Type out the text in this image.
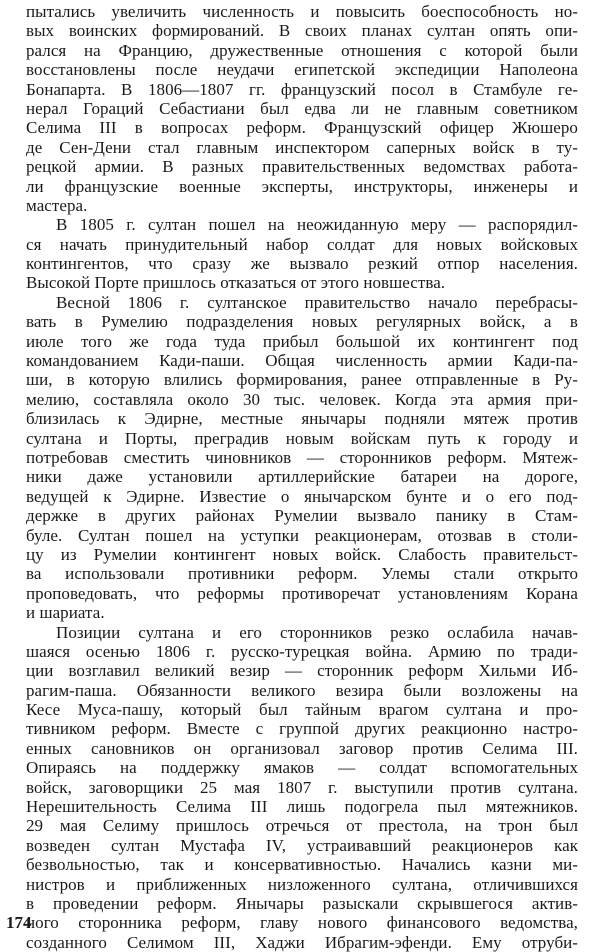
пытались увеличить численность и повысить боеспособность но-
вых воинских формирований. В своих планах султан опять опи-
рался на Францию, дружественные отношения с которой были
восстановлены после неудачи египетской экспедиции Наполеона
Бонапарта. В 1806—1807 гг. французский посол в Стамбуле ге-
нерал Гораций Себастиани был едва ли не главным советником
Селима III в вопросах реформ. Французский офицер Жюшеро
де Сен-Дени стал главным инспектором саперных войск в ту-
рецкой армии. В разных правительственных ведомствах работа-
ли французские военные эксперты, инструкторы, инженеры и
мастера.
В 1805 г. султан пошел на неожиданную меру — распорядил-
ся начать принудительный набор солдат для новых войсковых
контингентов, что сразу же вызвало резкий отпор населения.
Высокой Порте пришлось отказаться от этого новшества.
Весной 1806 г. султанское правительство начало перебрасы-
вать в Румелию подразделения новых регулярных войск, а в
июле того же года туда прибыл большой их контингент под
командованием Кади-паши. Общая численность армии Кади-па-
ши, в которую влились формирования, ранее отправленные в Ру-
мелию, составляла около 30 тыс. человек. Когда эта армия при-
близилась к Эдирне, местные янычары подняли мятеж против
султана и Порты, преградив новым войскам путь к городу и
потребовав сместить чиновников — сторонников реформ. Мятеж-
ники даже установили артиллерийские батареи на дороге,
ведущей к Эдирне. Известие о янычарском бунте и о его под-
держке в других районах Румелии вызвало панику в Стам-
буле. Султан пошел на уступки реакционерам, отозвав в столи-
цу из Румелии контингент новых войск. Слабость правительст-
ва использовали противники реформ. Улемы стали открыто
проповедовать, что реформы противоречат установлениям Корана
и шариата.
Позиции султана и его сторонников резко ослабила начав-
шаяся осенью 1806 г. русско-турецкая война. Армию по тради-
ции возглавил великий везир — сторонник реформ Хильми Иб-
рагим-паша. Обязанности великого везира были возложены на
Кесе Муса-пашу, который был тайным врагом султана и про-
тивником реформ. Вместе с группой других реакционно настро-
енных сановников он организовал заговор против Селима III.
Опираясь на поддержку ямаков — солдат вспомогательных
войск, заговорщики 25 мая 1807 г. выступили против султана.
Нерешительность Селима III лишь подогрела пыл мятежников.
29 мая Селиму пришлось отречься от престола, на трон был
возведен султан Мустафа IV, устраивавший реакционеров как
безвольностью, так и консервативностью. Начались казни ми-
нистров и приближенных низложенного султана, отличившихся
в проведении реформ. Янычары разыскали скрывшегося актив-
ного сторонника реформ, главу нового финансового ведомства,
созданного Селимом III, Хаджи Ибрагим-эфенди. Ему отруби-
174
